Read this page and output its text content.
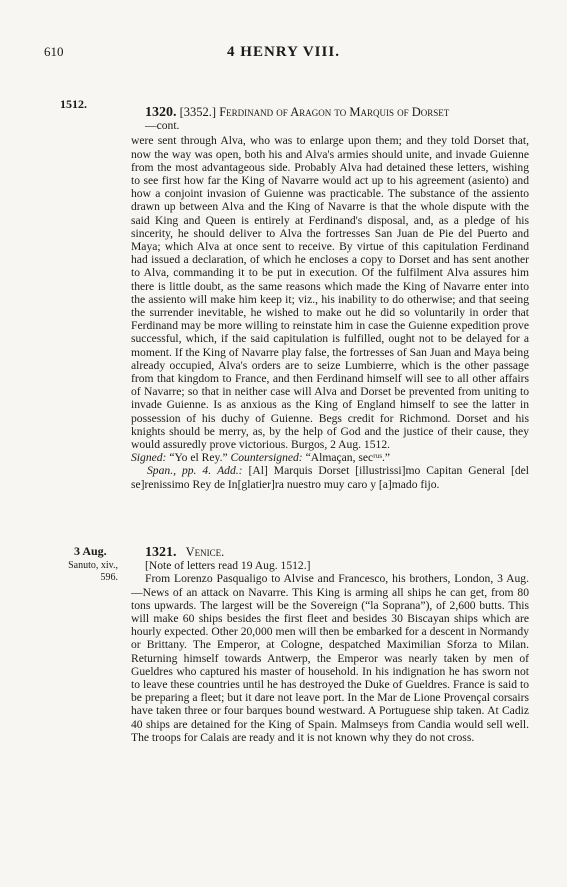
610	4 HENRY VIII.
1512.

1320. [3352.] Ferdinand of Aragon to Marquis of Dorset

—cont.

were sent through Alva, who was to enlarge upon them; and they told Dorset that, now the way was open, both his and Alva's armies should unite, and invade Guienne from the most advantageous side. Probably Alva had detained these letters, wishing to see first how far the King of Navarre would act up to his agreement (asiento) and how a conjoint invasion of Guienne was practicable. The substance of the assiento drawn up between Alva and the King of Navarre is that the whole dispute with the said King and Queen is entirely at Ferdinand's disposal, and, as a pledge of his sincerity, he should deliver to Alva the fortresses San Juan de Pie del Puerto and Maya; which Alva at once sent to receive. By virtue of this capitulation Ferdinand had issued a declaration, of which he encloses a copy to Dorset and has sent another to Alva, commanding it to be put in execution. Of the fulfilment Alva assures him there is little doubt, as the same reasons which made the King of Navarre enter into the assiento will make him keep it; viz., his inability to do otherwise; and that seeing the surrender inevitable, he wished to make out he did so voluntarily in order that Ferdinand may be more willing to reinstate him in case the Guienne expedition prove successful, which, if the said capitulation is fulfilled, ought not to be delayed for a moment. If the King of Navarre play false, the fortresses of San Juan and Maya being already occupied, Alva's orders are to seize Lumbierre, which is the other passage from that kingdom to France, and then Ferdinand himself will see to all other affairs of Navarre; so that in neither case will Alva and Dorset be prevented from uniting to invade Guienne. Is as anxious as the King of England himself to see the latter in possession of his duchy of Guienne. Begs credit for Richmond. Dorset and his knights should be merry, as, by the help of God and the justice of their cause, they would assuredly prove victorious. Burgos, 2 Aug. 1512.

Signed: “Yo el Rey.” Countersigned: “Almaçan, secʳᵘˢ.”

Span., pp. 4. Add.: [Al] Marquis Dorset [illustrissi]mo Capitan General [del se]renissimo Rey de In[glatier]ra nuestro muy caro y [a]mado fijo.

3 Aug.
Sanuto, xiv.,
596.

1321. Venice.

[Note of letters read 19 Aug. 1512.]

From Lorenzo Pasqualigo to Alvise and Francesco, his brothers, London, 3 Aug.—News of an attack on Navarre. This King is arming all ships he can get, from 80 tons upwards. The largest will be the Sovereign (“la Soprana”), of 2,600 butts. This will make 60 ships besides the first fleet and besides 30 Biscayan ships which are hourly expected. Other 20,000 men will then be embarked for a descent in Normandy or Brittany. The Emperor, at Cologne, despatched Maximilian Sforza to Milan. Returning himself towards Antwerp, the Emperor was nearly taken by men of Gueldres who captured his master of household. In his indignation he has sworn not to leave these countries until he has destroyed the Duke of Gueldres. France is said to be preparing a fleet; but it dare not leave port. In the Mar de Lione Provençal corsairs have taken three or four barques bound westward. A Portuguese ship taken. At Cadiz 40 ships are detained for the King of Spain. Malmseys from Candia would sell well. The troops for Calais are ready and it is not known why they do not cross.
